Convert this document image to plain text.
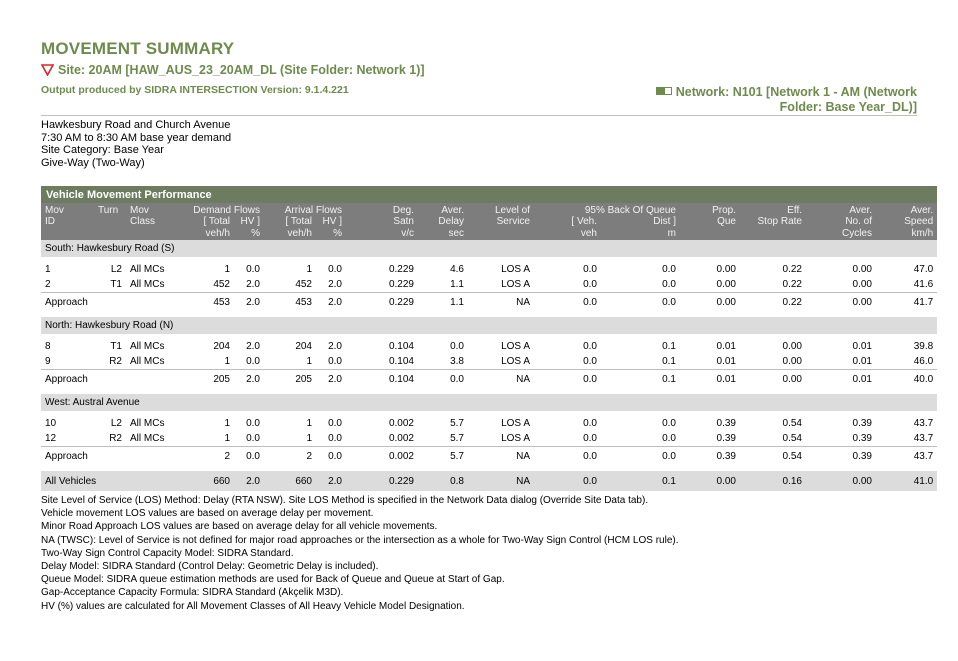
MOVEMENT SUMMARY
Site: 20AM [HAW_AUS_23_20AM_DL (Site Folder: Network 1)]
Output produced by SIDRA INTERSECTION Version: 9.1.4.221	Network: N101 [Network 1 - AM (Network
Folder: Base Year_DL)]
Hawkesbury Road and Church Avenue
7:30 AM to 8:30 AM base year demand
Site Category: Base Year
Give-Way (Two-Way)
Vehicle Movement Performance															
Mov	Turn	Mov	Demand Flows		Arrival Flows		Deg.	Aver.	Level of	95% Back Of Queue		Prop.	Eff.	Aver.	Aver.
ID		Class	[ Total	HV ]	[ Total	HV ]	Satn	Delay	Service	[ Veh.	Dist ]	Que	Stop Rate	No. of	Speed
			veh/h	%	veh/h	%	v/c	sec		veh	m			Cycles	km/h
South: Hawkesbury Road (S)															
1	L2	All MCs	1	0.0	1	0.0	0.229	4.6	LOS A	0.0	0.0	0.00	0.22	0.00	47.0
2	T1	All MCs	452	2.0	452	2.0	0.229	1.1	LOS A	0.0	0.0	0.00	0.22	0.00	41.6
Approach			453	2.0	453	2.0	0.229	1.1	NA	0.0	0.0	0.00	0.22	0.00	41.7

North: Hawkesbury Road (N)															
8	T1	All MCs	204	2.0	204	2.0	0.104	0.0	LOS A	0.0	0.1	0.01	0.00	0.01	39.8
9	R2	All MCs	1	0.0	1	0.0	0.104	3.8	LOS A	0.0	0.1	0.01	0.00	0.01	46.0
Approach			205	2.0	205	2.0	0.104	0.0	NA	0.0	0.1	0.01	0.00	0.01	40.0

West: Austral Avenue															
10	L2	All MCs	1	0.0	1	0.0	0.002	5.7	LOS A	0.0	0.0	0.39	0.54	0.39	43.7
12	R2	All MCs	1	0.0	1	0.0	0.002	5.7	LOS A	0.0	0.0	0.39	0.54	0.39	43.7
Approach			2	0.0	2	0.0	0.002	5.7	NA	0.0	0.0	0.39	0.54	0.39	43.7

All Vehicles			660	2.0	660	2.0	0.229	0.8	NA	0.0	0.1	0.00	0.16	0.00	41.0
Site Level of Service (LOS) Method: Delay (RTA NSW). Site LOS Method is specified in the Network Data dialog (Override Site Data tab).
Vehicle movement LOS values are based on average delay per movement.
Minor Road Approach LOS values are based on average delay for all vehicle movements.
NA (TWSC): Level of Service is not defined for major road approaches or the intersection as a whole for Two-Way Sign Control (HCM LOS rule).
Two-Way Sign Control Capacity Model: SIDRA Standard.
Delay Model: SIDRA Standard (Control Delay: Geometric Delay is included).
Queue Model: SIDRA queue estimation methods are used for Back of Queue and Queue at Start of Gap.
Gap-Acceptance Capacity Formula: SIDRA Standard (Akçelik M3D).
HV (%) values are calculated for All Movement Classes of All Heavy Vehicle Model Designation.
